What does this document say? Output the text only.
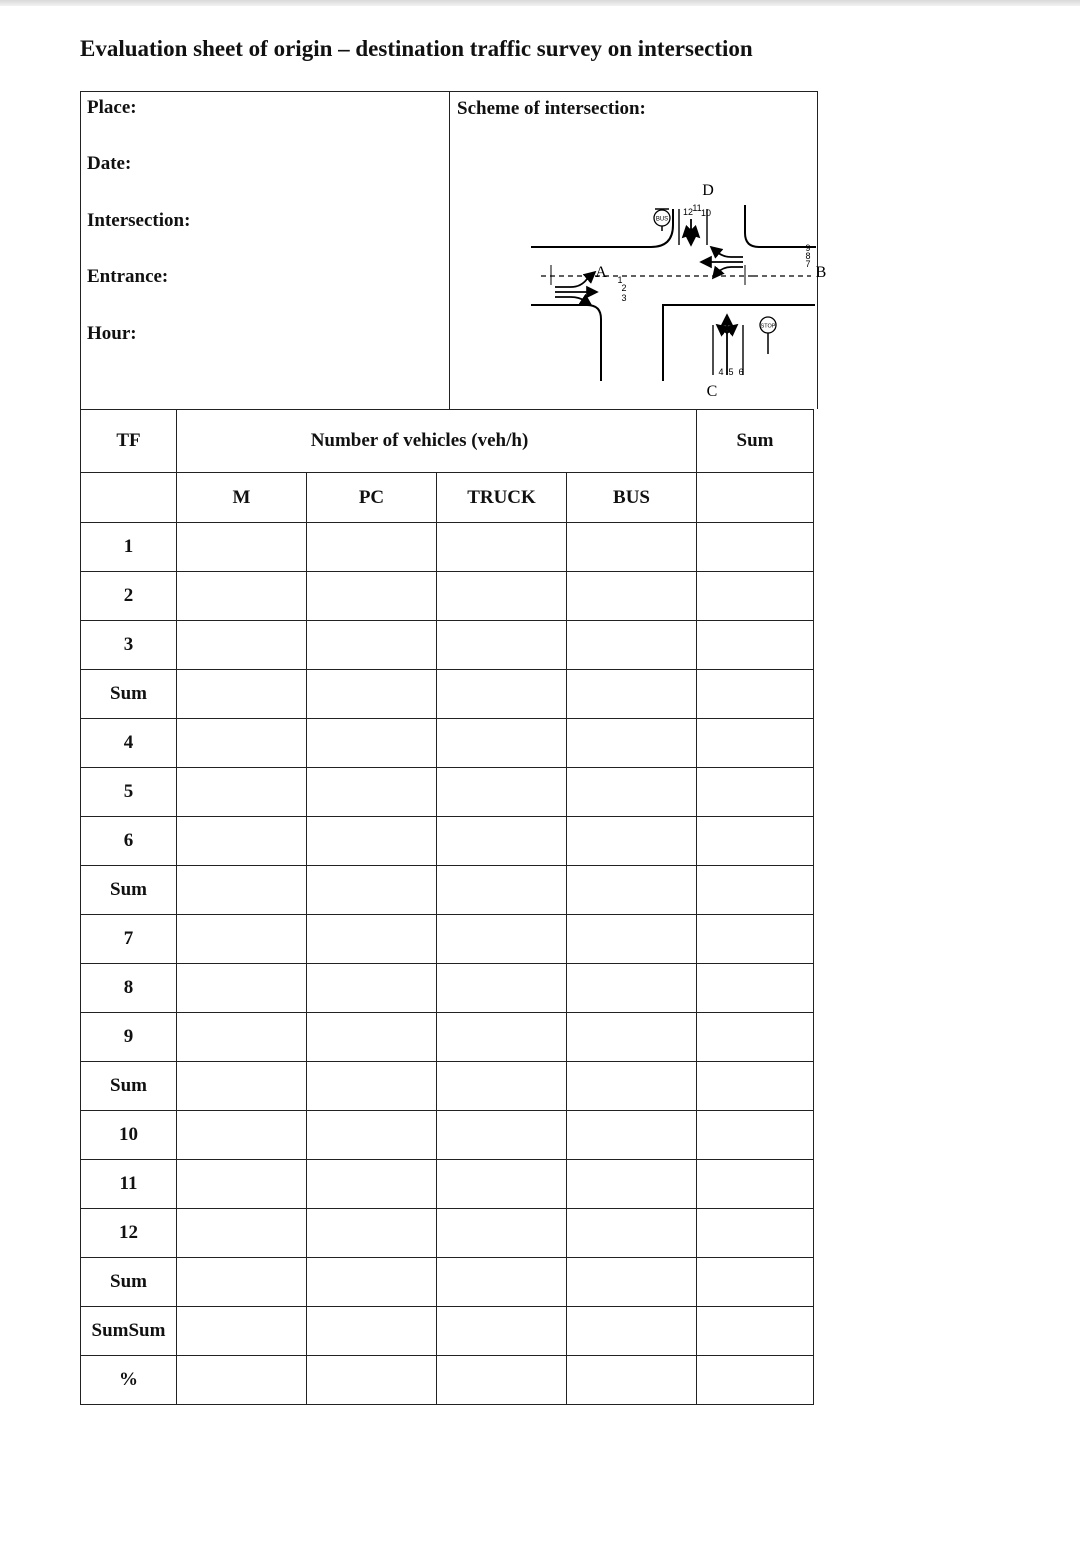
Evaluation sheet of origin – destination traffic survey on intersection
Place:
Date:
Intersection:
Entrance:
Hour:
Scheme of intersection:
BUS
STOP
D
B
A
C
12 11 10
1
2
3
9
8
7
4 5 6
TF	Number of vehicles (veh/h)				Sum
	M	PC	TRUCK	BUS	
1					
2					
3					
Sum					
4					
5					
6					
Sum					
7					
8					
9					
Sum					
10					
11					
12					
Sum					
SumSum					
%					
